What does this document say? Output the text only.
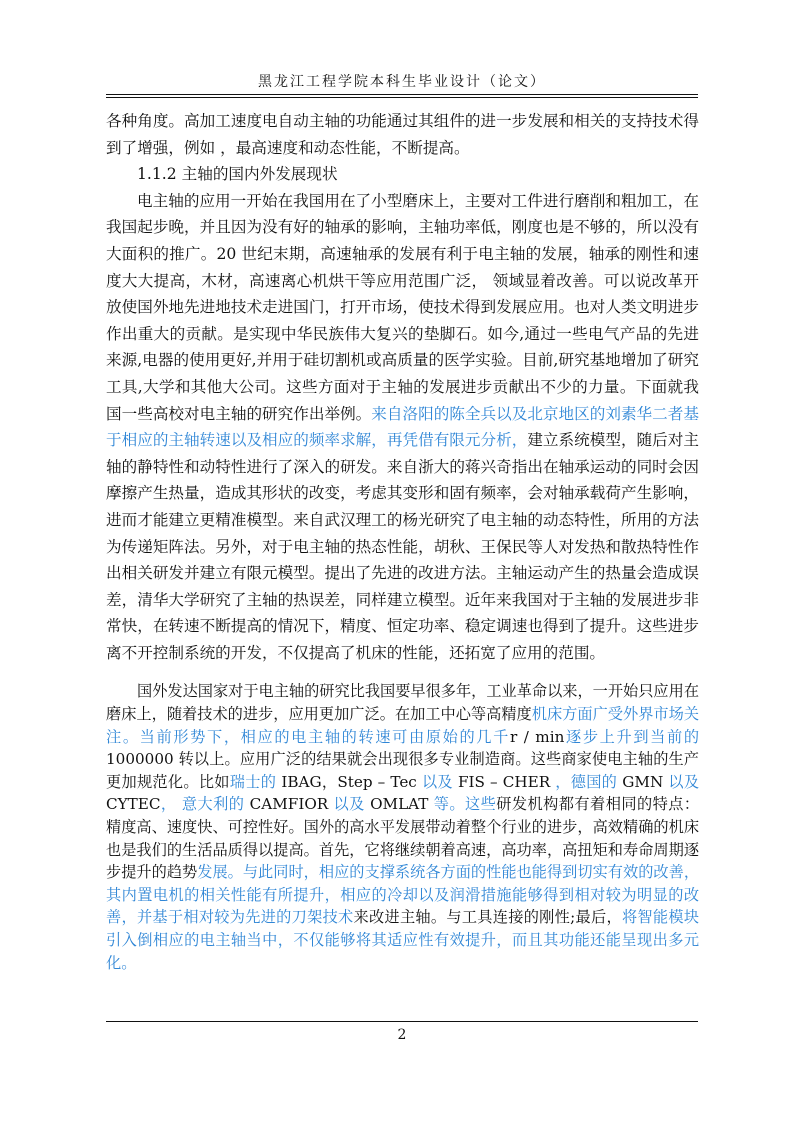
黑龙江工程学院本科生毕业设计（论文）

各种角度。高加工速度电自动主轴的功能通过其组件的进一步发展和相关的支持技术得到了增强，例如 ，最高速度和动态性能，不断提高。

1.1.2 主轴的国内外发展现状

电主轴的应用一开始在我国用在了小型磨床上，主要对工件进行磨削和粗加工，在我国起步晚，并且因为没有好的轴承的影响，主轴功率低，刚度也是不够的，所以没有大面积的推广。20 世纪末期，高速轴承的发展有利于电主轴的发展，轴承的刚性和速度大大提高，木材，高速离心机烘干等应用范围广泛， 领域显着改善。可以说改革开放使国外地先进地技术走进国门，打开市场，使技术得到发展应用。也对人类文明进步作出重大的贡献。是实现中华民族伟大复兴的垫脚石。如今,通过一些电气产品的先进来源,电器的使用更好,并用于硅切割机或高质量的医学实验。目前,研究基地增加了研究工具,大学和其他大公司。这些方面对于主轴的发展进步贡献出不少的力量。下面就我国一些高校对电主轴的研究作出举例。来自洛阳的陈全兵以及北京地区的刘素华二者基于相应的主轴转速以及相应的频率求解，再凭借有限元分析，建立系统模型，随后对主轴的静特性和动特性进行了深入的研发。来自浙大的蒋兴奇指出在轴承运动的同时会因摩擦产生热量，造成其形状的改变，考虑其变形和固有频率，会对轴承载荷产生影响，进而才能建立更精准模型。来自武汉理工的杨光研究了电主轴的动态特性，所用的方法为传递矩阵法。另外，对于电主轴的热态性能，胡秋、王保民等人对发热和散热特性作出相关研发并建立有限元模型。提出了先进的改进方法。主轴运动产生的热量会造成误差，清华大学研究了主轴的热误差，同样建立模型。近年来我国对于主轴的发展进步非常快，在转速不断提高的情况下，精度、恒定功率、稳定调速也得到了提升。这些进步离不开控制系统的开发，不仅提高了机床的性能，还拓宽了应用的范围。

国外发达国家对于电主轴的研究比我国要早很多年，工业革命以来，一开始只应用在磨床上，随着技术的进步，应用更加广泛。在加工中心等高精度机床方面广受外界市场关注。当前形势下，相应的电主轴的转速可由原始的几千r / min逐步上升到当前的1000000 转以上。应用广泛的结果就会出现很多专业制造商。这些商家使电主轴的生产更加规范化。比如瑞士的 IBAG，Step – Tec 以及 FIS – CHER ，德国的 GMN 以及 CYTEC， 意大利的 CAMFIOR 以及 OMLAT 等。这些研发机构都有着相同的特点：精度高、速度快、可控性好。国外的高水平发展带动着整个行业的进步，高效精确的机床也是我们的生活品质得以提高。首先，它将继续朝着高速，高功率，高扭矩和寿命周期逐步提升的趋势发展。与此同时，相应的支撑系统各方面的性能也能得到切实有效的改善，其内置电机的相关性能有所提升，相应的冷却以及润滑措施能够得到相对较为明显的改善，并基于相对较为先进的刀架技术来改进主轴。与工具连接的刚性;最后，将智能模块引入倒相应的电主轴当中，不仅能够将其适应性有效提升，而且其功能还能呈现出多元化。

2
